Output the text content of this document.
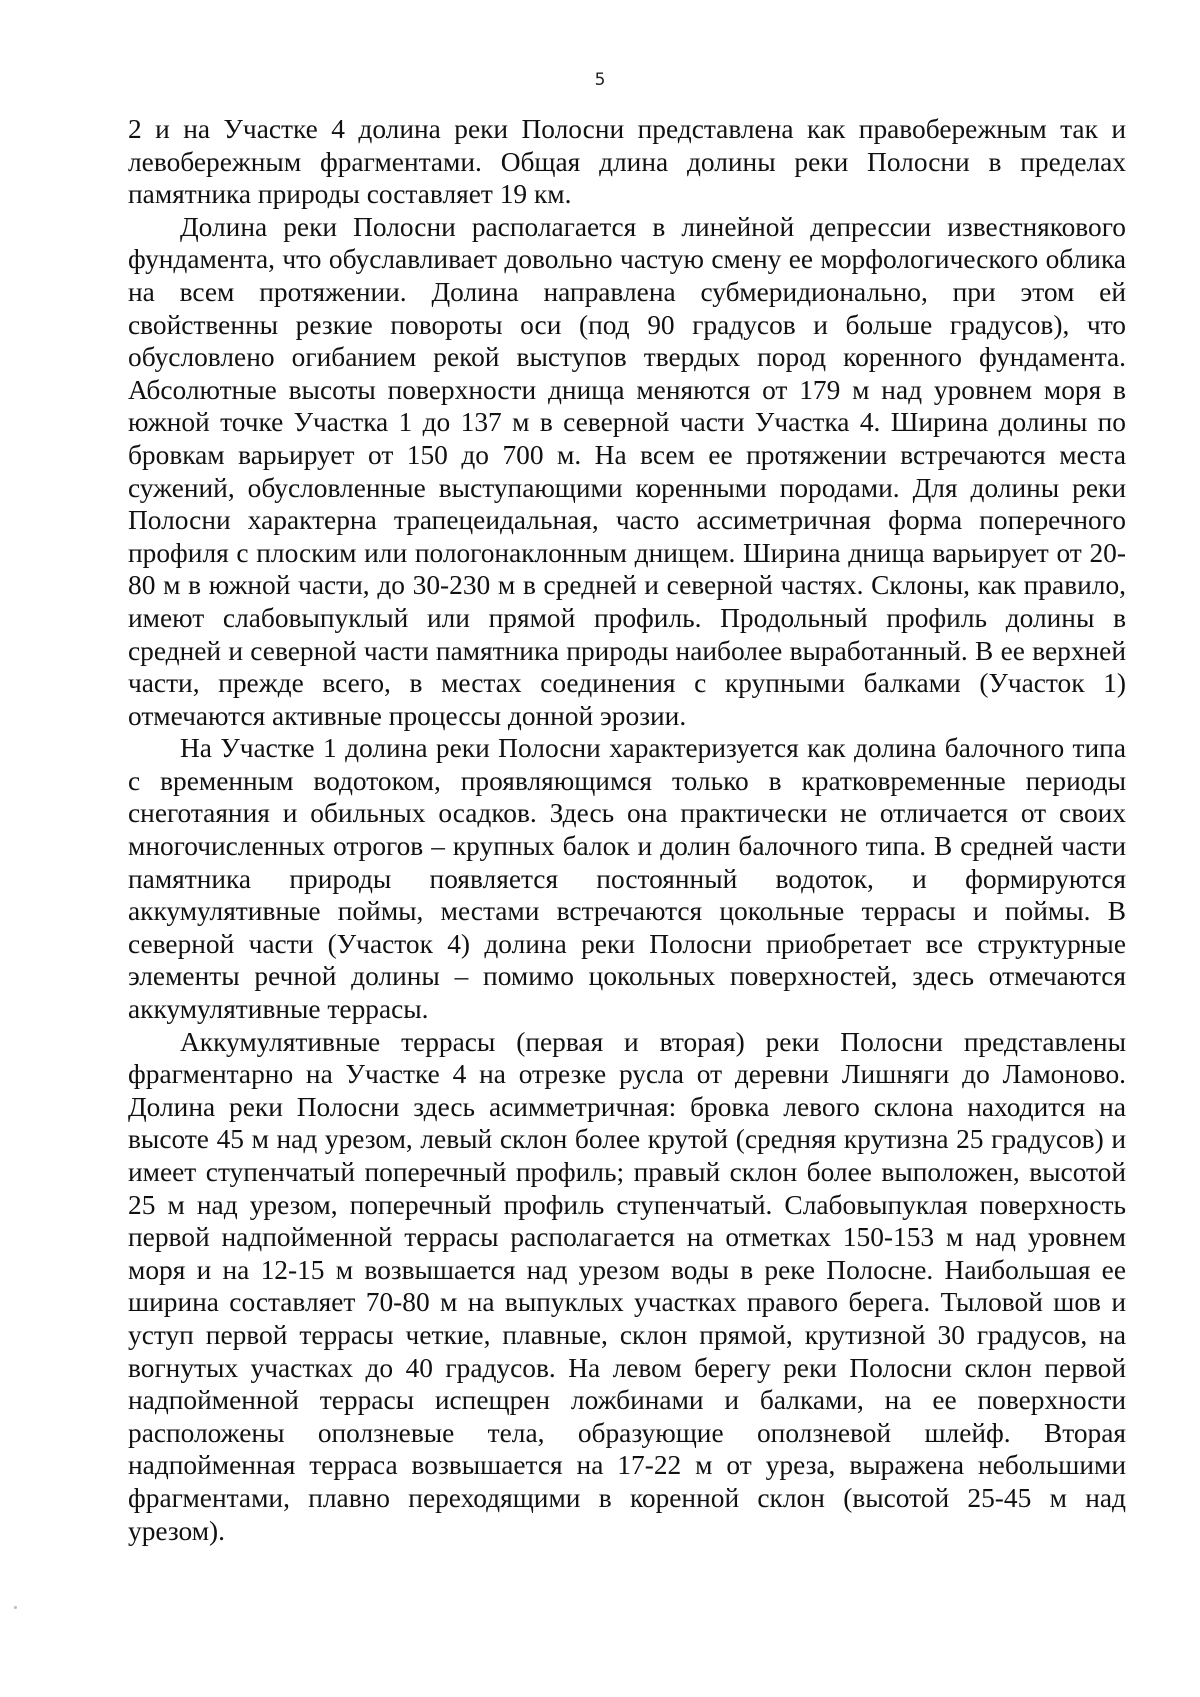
5

2 и на Участке 4 долина реки Полосни представлена как правобережным так и левобережным фрагментами. Общая длина долины реки Полосни в пределах памятника природы составляет 19 км.

Долина реки Полосни располагается в линейной депрессии известнякового фундамента, что обуславливает довольно частую смену ее морфологического облика на всем протяжении. Долина направлена субмеридионально, при этом ей свойственны резкие повороты оси (под 90 градусов и больше градусов), что обусловлено огибанием рекой выступов твердых пород коренного фундамента. Абсолютные высоты поверхности днища меняются от 179 м над уровнем моря в южной точке Участка 1 до 137 м в северной части Участка 4. Ширина долины по бровкам варьирует от 150 до 700 м. На всем ее протяжении встречаются места сужений, обусловленные выступающими коренными породами. Для долины реки Полосни характерна трапецеидальная, часто ассиметричная форма поперечного профиля с плоским или пологонаклонным днищем. Ширина днища варьирует от 20-80 м в южной части, до 30-230 м в средней и северной частях. Склоны, как правило, имеют слабовыпуклый или прямой профиль. Продольный профиль долины в средней и северной части памятника природы наиболее выработанный. В ее верхней части, прежде всего, в местах соединения с крупными балками (Участок 1) отмечаются активные процессы донной эрозии.

На Участке 1 долина реки Полосни характеризуется как долина балочного типа с временным водотоком, проявляющимся только в кратковременные периоды снеготаяния и обильных осадков. Здесь она практически не отличается от своих многочисленных отрогов – крупных балок и долин балочного типа. В средней части памятника природы появляется постоянный водоток, и формируются аккумулятивные поймы, местами встречаются цокольные террасы и поймы. В северной части (Участок 4) долина реки Полосни приобретает все структурные элементы речной долины – помимо цокольных поверхностей, здесь отмечаются аккумулятивные террасы.

Аккумулятивные террасы (первая и вторая) реки Полосни представлены фрагментарно на Участке 4 на отрезке русла от деревни Лишняги до Ламоново. Долина реки Полосни здесь асимметричная: бровка левого склона находится на высоте 45 м над урезом, левый склон более крутой (средняя крутизна 25 градусов) и имеет ступенчатый поперечный профиль; правый склон более выположен, высотой 25 м над урезом, поперечный профиль ступенчатый. Слабовыпуклая поверхность первой надпойменной террасы располагается на отметках 150-153 м над уровнем моря и на 12-15 м возвышается над урезом воды в реке Полосне. Наибольшая ее ширина составляет 70-80 м на выпуклых участках правого берега. Тыловой шов и уступ первой террасы четкие, плавные, склон прямой, крутизной 30 градусов, на вогнутых участках до 40 градусов. На левом берегу реки Полосни склон первой надпойменной террасы испещрен ложбинами и балками, на ее поверхности расположены оползневые тела, образующие оползневой шлейф. Вторая надпойменная терраса возвышается на 17-22 м от уреза, выражена небольшими фрагментами, плавно переходящими в коренной склон (высотой 25-45 м над урезом).
